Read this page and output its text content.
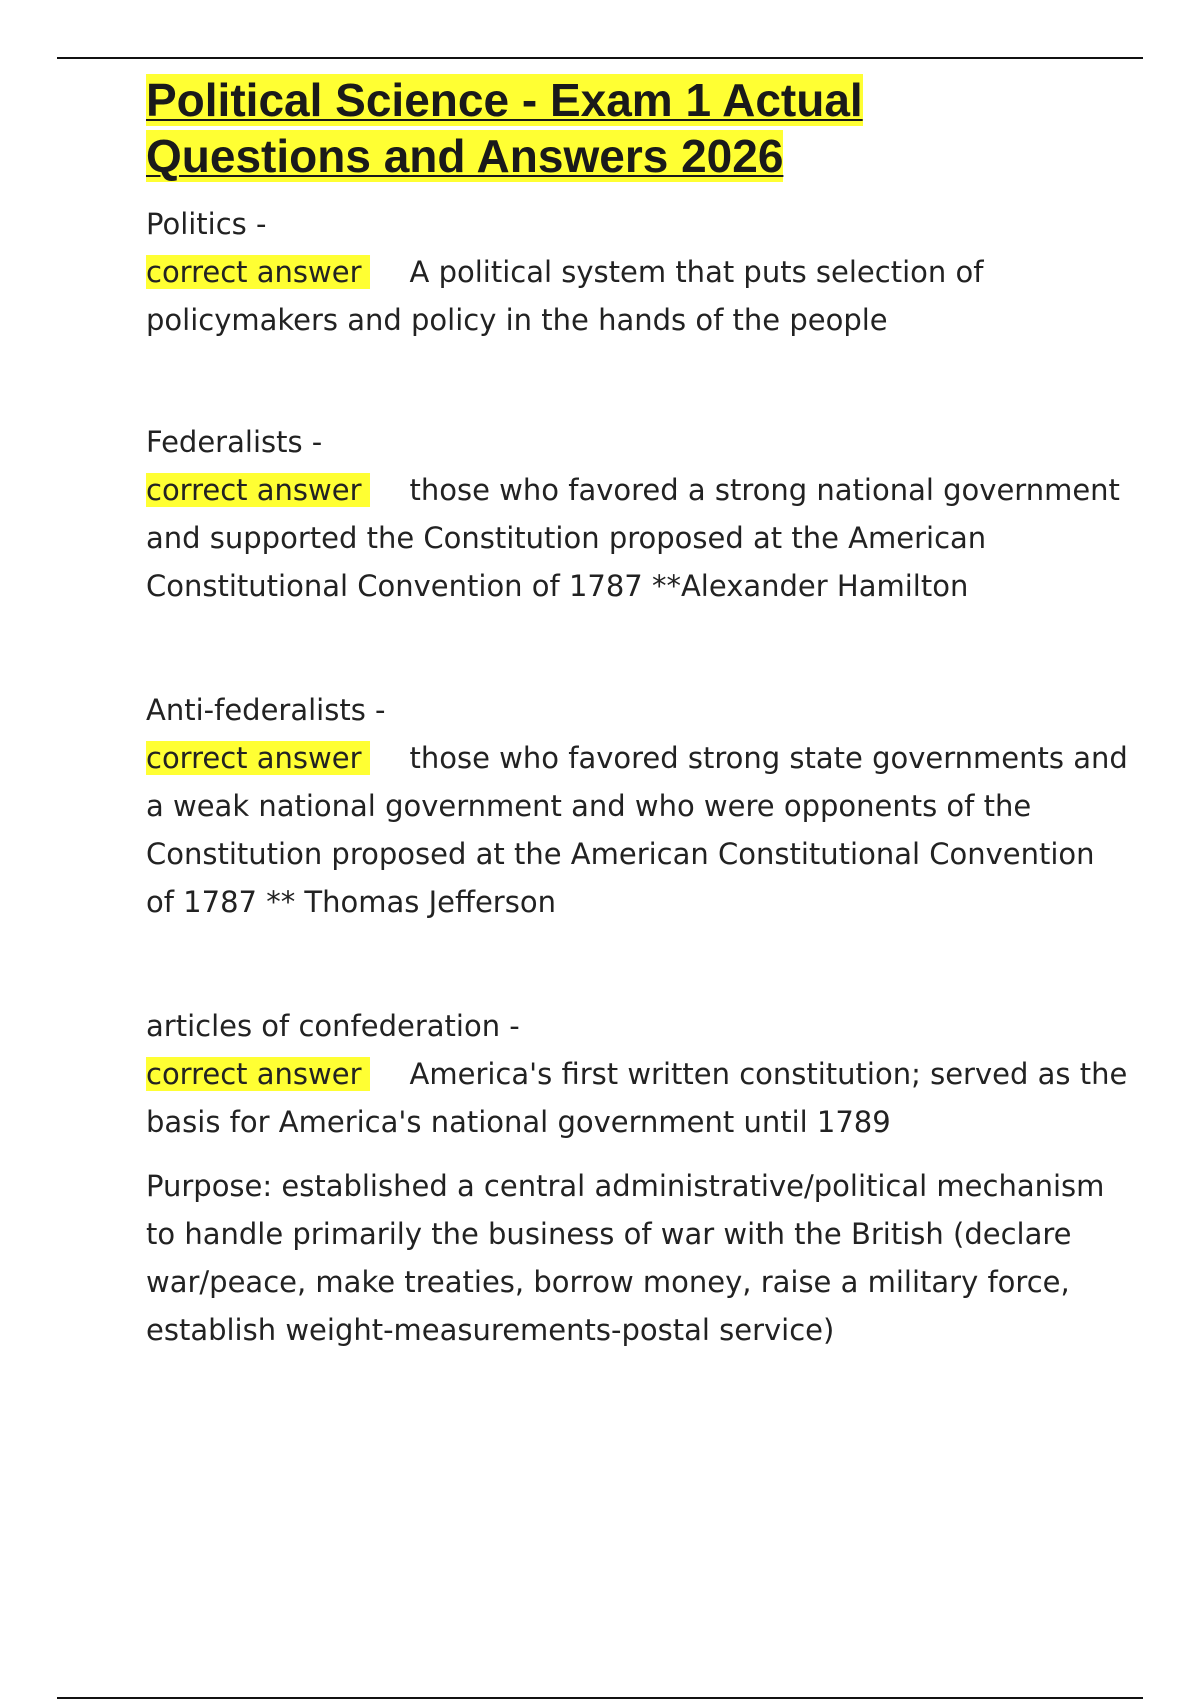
Political Science - Exam 1 Actual
Questions and Answers 2026

Politics -

correct answer A political system that puts selection of

policymakers and policy in the hands of the people

Federalists -

correct answer those who favored a strong national government

and supported the Constitution proposed at the American

Constitutional Convention of 1787 **Alexander Hamilton

Anti-federalists -

correct answer those who favored strong state governments and

a weak national government and who were opponents of the

Constitution proposed at the American Constitutional Convention

of 1787 ** Thomas Jefferson

articles of confederation -

correct answer America's first written constitution; served as the

basis for America's national government until 1789

Purpose: established a central administrative/political mechanism

to handle primarily the business of war with the British (declare

war/peace, make treaties, borrow money, raise a military force,

establish weight-measurements-postal service)
